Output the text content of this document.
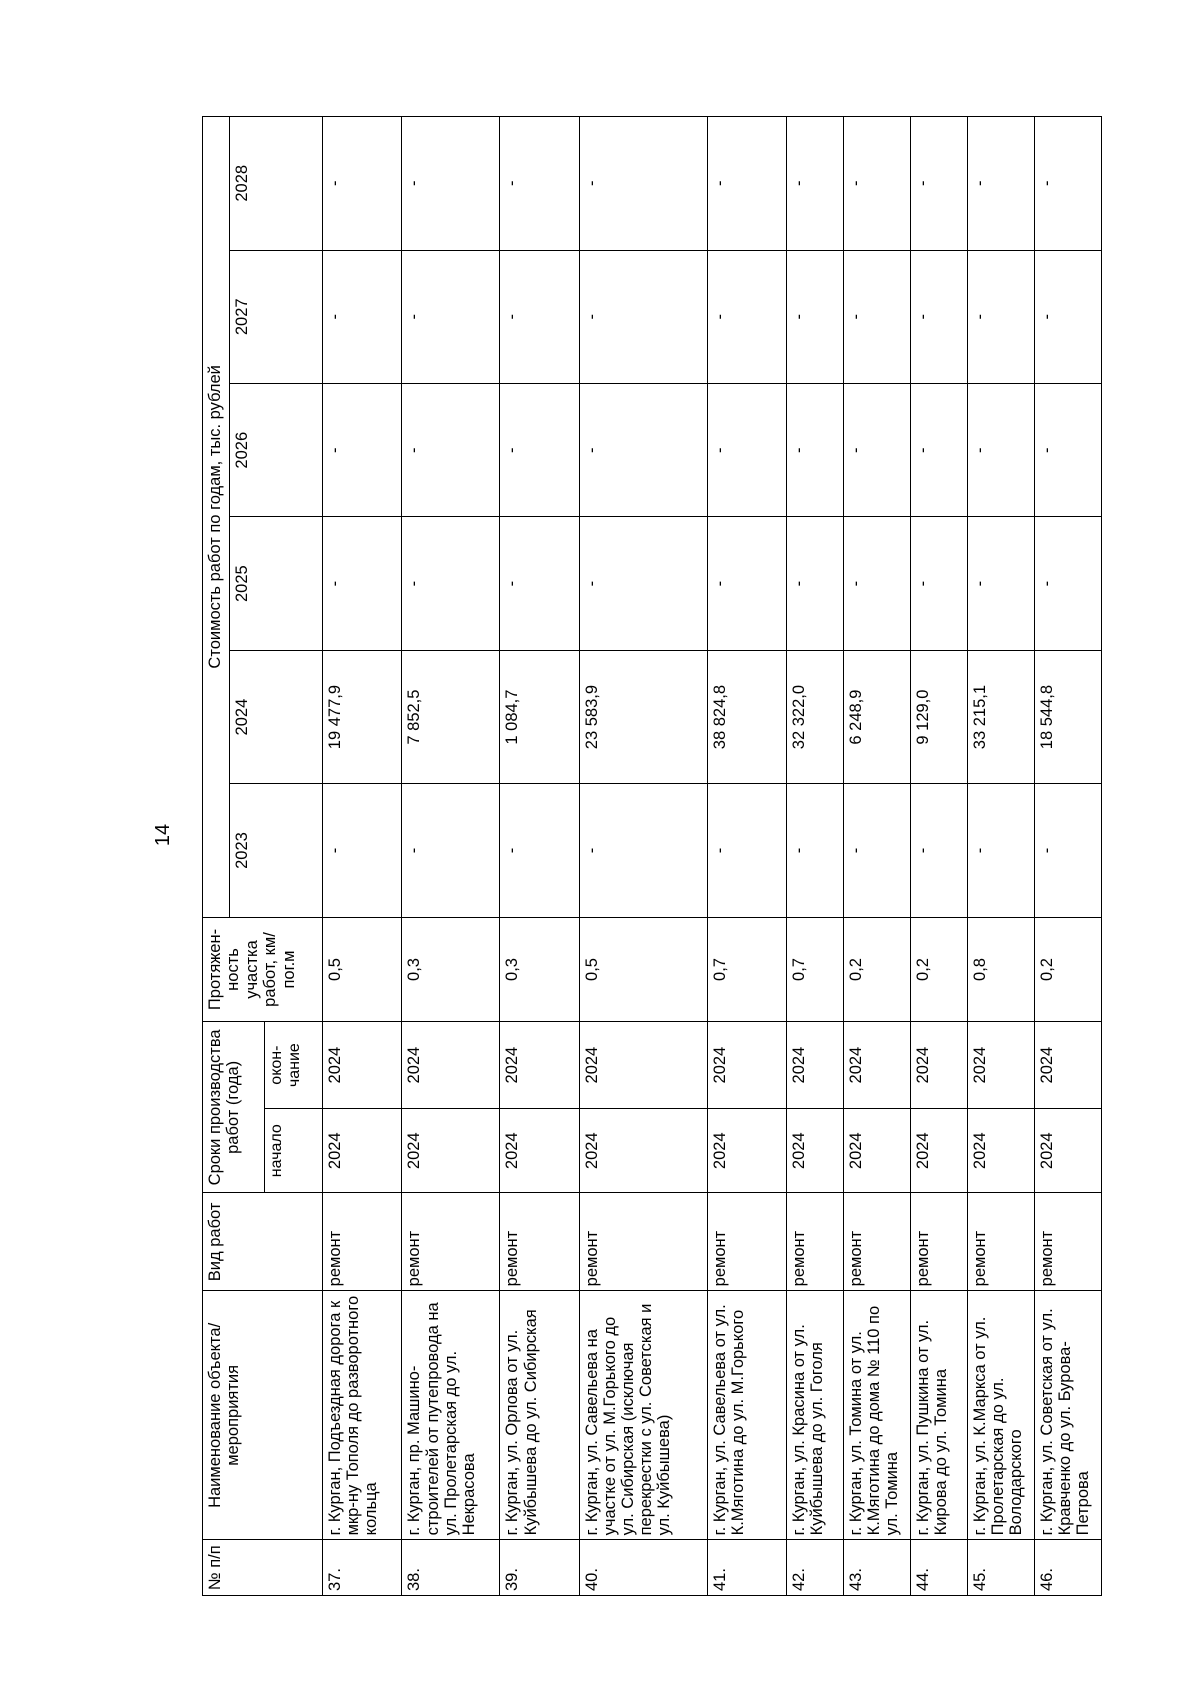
14
№ п/п	Наименование объекта/ мероприятия	Вид работ	Сроки производства работ (года)		Протяжен-ность участка работ, км/пог.м	Стоимость работ по годам, тыс. рублей					
						2023	2024	2025	2026	2027	2028
			начало	окон-чание							
37.	г. Курган, Подъездная дорога к мкр-ну Тополя до разворотного кольца	ремонт	2024	2024	0,5	-	19 477,9	-	-	-	-
38.	г. Курган, пр. Машино-строителей от путепровода на ул. Пролетарская до ул. Некрасова	ремонт	2024	2024	0,3	-	7 852,5	-	-	-	-
39.	г. Курган, ул. Орлова от ул. Куйбышева до ул. Сибирская	ремонт	2024	2024	0,3	-	1 084,7	-	-	-	-
40.	г. Курган, ул. Савельева на участке от ул. М.Горького до ул. Сибирская (исключая перекрестки с ул. Советская и ул. Куйбышева)	ремонт	2024	2024	0,5	-	23 583,9	-	-	-	-
41.	г. Курган, ул. Савельева от ул. К.Мяготина до ул. М.Горького	ремонт	2024	2024	0,7	-	38 824,8	-	-	-	-
42.	г. Курган, ул. Красина от ул. Куйбышева до ул. Гоголя	ремонт	2024	2024	0,7	-	32 322,0	-	-	-	-
43.	г. Курган, ул. Томина от ул. К.Мяготина до дома № 110 по ул. Томина	ремонт	2024	2024	0,2	-	6 248,9	-	-	-	-
44.	г. Курган, ул. Пушкина от ул. Кирова до ул. Томина	ремонт	2024	2024	0,2	-	9 129,0	-	-	-	-
45.	г. Курган, ул. К.Маркса от ул. Пролетарская до ул. Володарского	ремонт	2024	2024	0,8	-	33 215,1	-	-	-	-
46.	г. Курган, ул. Советская от ул. Кравченко до ул. Бурова-Петрова	ремонт	2024	2024	0,2	-	18 544,8	-	-	-	-
